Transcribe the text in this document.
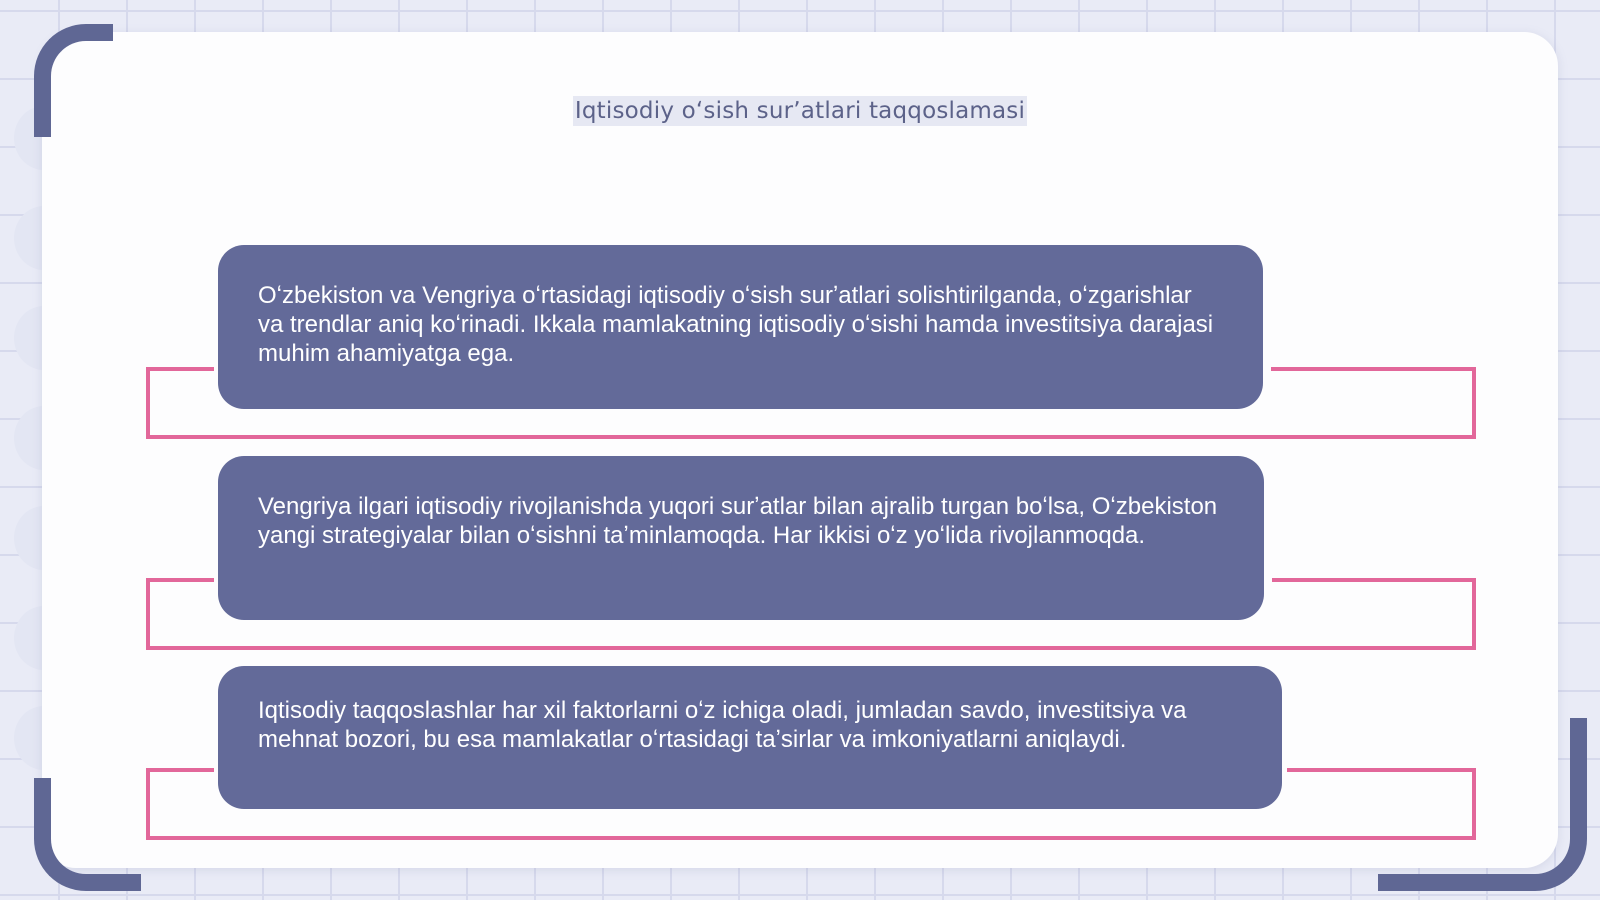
Iqtisodiy oʻsish surʼatlari taqqoslamasi
Oʻzbekiston va Vengriya oʻrtasidagi iqtisodiy oʻsish surʼatlari solishtirilganda, oʻzgarishlar va trendlar aniq koʻrinadi. Ikkala mamlakatning iqtisodiy oʻsishi hamda investitsiya darajasi muhim ahamiyatga ega.
Vengriya ilgari iqtisodiy rivojlanishda yuqori surʼatlar bilan ajralib turgan boʻlsa, Oʻzbekiston yangi strategiyalar bilan oʻsishni taʼminlamoqda. Har ikkisi oʻz yoʻlida rivojlanmoqda.
Iqtisodiy taqqoslashlar har xil faktorlarni oʻz ichiga oladi, jumladan savdo, investitsiya va mehnat bozori, bu esa mamlakatlar oʻrtasidagi taʼsirlar va imkoniyatlarni aniqlaydi.
